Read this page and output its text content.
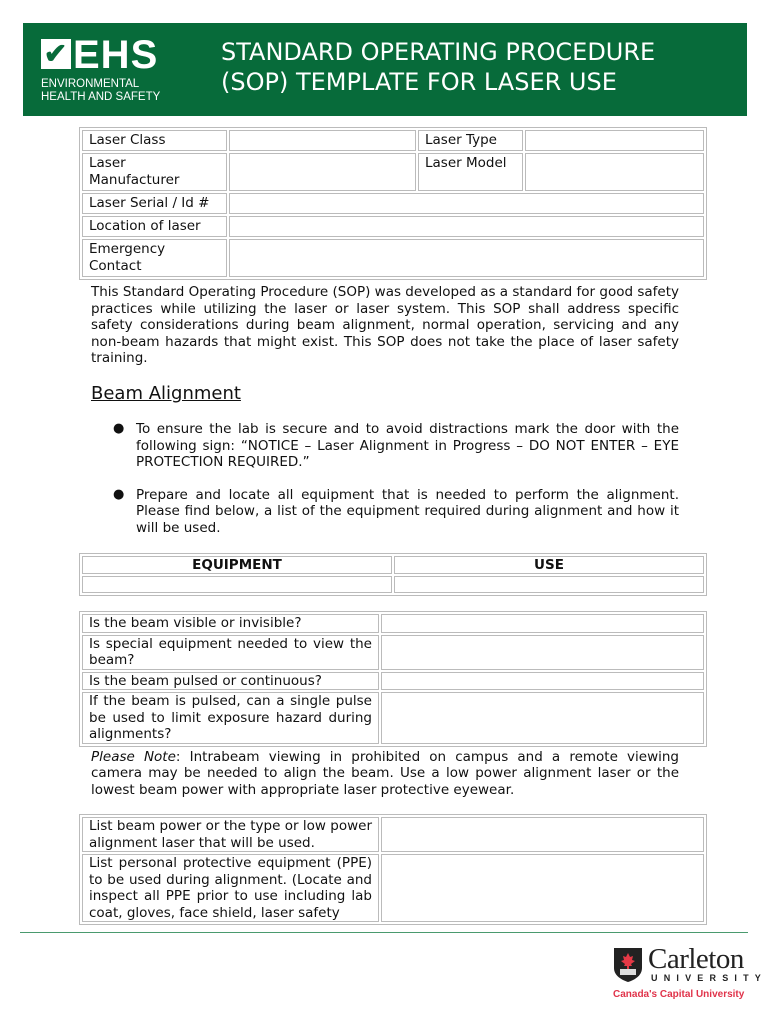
✔ EHS
ENVIRONMENTAL
HEALTH AND SAFETY
STANDARD OPERATING PROCEDURE
(SOP) TEMPLATE FOR LASER USE
Laser Class		Laser Type	
Laser Manufacturer		Laser Model	
Laser Serial / Id #			
Location of laser			
Emergency Contact			
This Standard Operating Procedure (SOP) was developed as a standard for good safety practices while utilizing the laser or laser system. This SOP shall address specific safety considerations during beam alignment, normal operation, servicing and any non-beam hazards that might exist. This SOP does not take the place of laser safety training.
Beam Alignment
● To ensure the lab is secure and to avoid distractions mark the door with the following sign: “NOTICE – Laser Alignment in Progress – DO NOT ENTER – EYE PROTECTION REQUIRED.”
● Prepare and locate all equipment that is needed to perform the alignment. Please find below, a list of the equipment required during alignment and how it will be used.
EQUIPMENT	USE

Is the beam visible or invisible?	
Is special equipment needed to view the beam?	
Is the beam pulsed or continuous?	
If the beam is pulsed, can a single pulse be used to limit exposure hazard during alignments?	
Please Note: Intrabeam viewing in prohibited on campus and a remote viewing camera may be needed to align the beam. Use a low power alignment laser or the lowest beam power with appropriate laser protective eyewear.
List beam power or the type or low power alignment laser that will be used.	
List personal protective equipment (PPE) to be used during alignment. (Locate and inspect all PPE prior to use including lab coat, gloves, face shield, laser safety	
Carleton
UNIVERSITY
Canada's Capital University
